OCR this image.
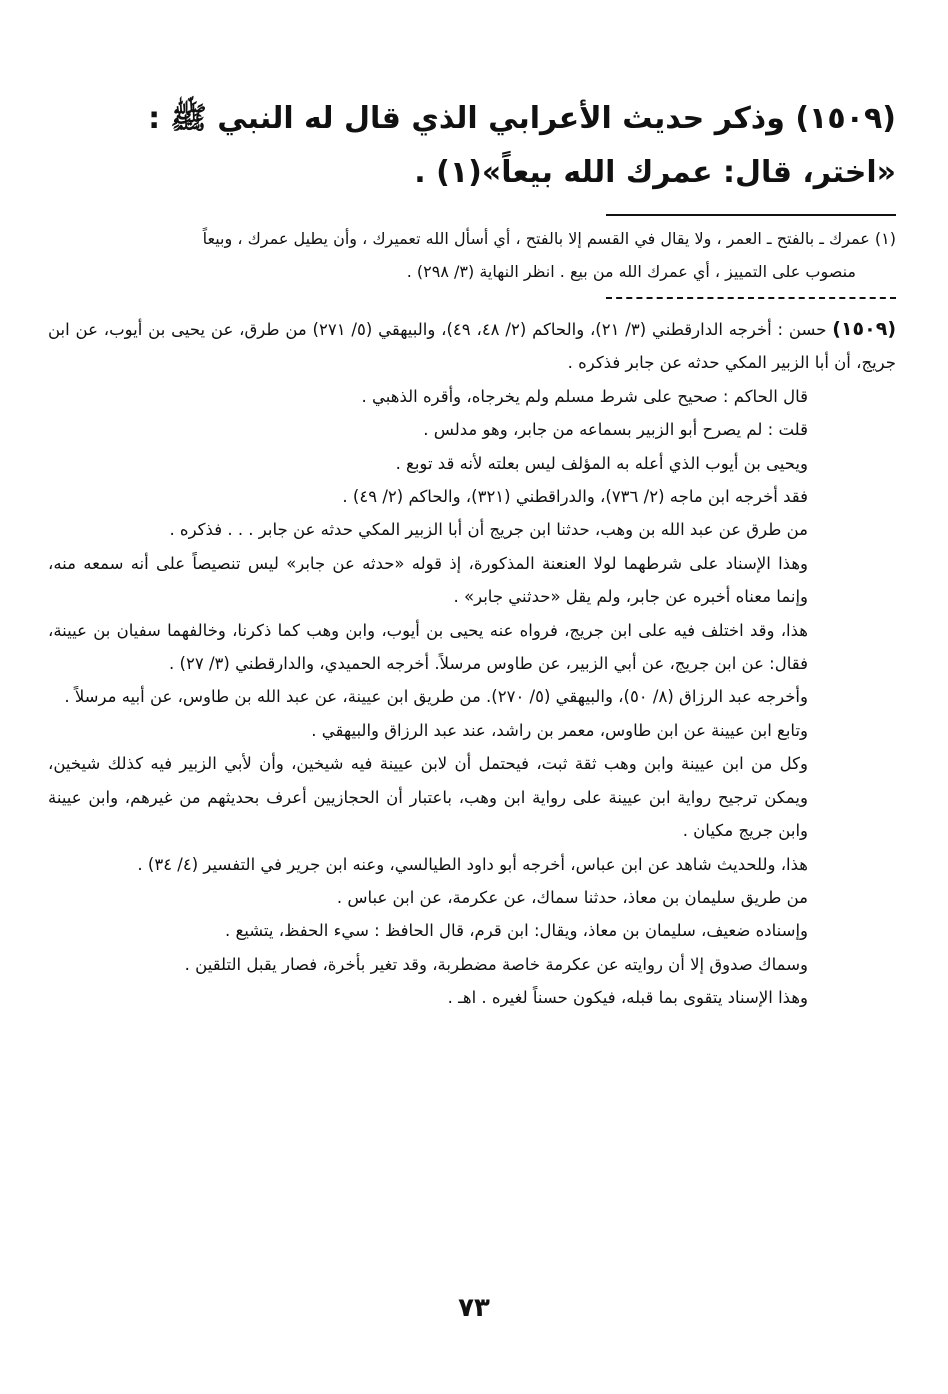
(١٥٠٩) وذكر حديث الأعرابي الذي قال له النبي ﷺ : «اختر، قال: عمرك الله بيعاً»(١) .
(١) عمرك ـ بالفتح ـ العمر ، ولا يقال في القسم إلا بالفتح ، أي أسأل الله تعميرك ، وأن يطيل عمرك ، وبيعاً
منصوب على التمييز ، أي عمرك الله من بيع . انظر النهاية (٣/ ٢٩٨) .

(١٥٠٩) حسن : أخرجه الدارقطني (٣/ ٢١)، والحاكم (٢/ ٤٨، ٤٩)، والبيهقي (٥/ ٢٧١) من طرق، عن يحيى بن أيوب، عن ابن جريج، أن أبا الزبير المكي حدثه عن جابر فذكره .

قال الحاكم : صحيح على شرط مسلم ولم يخرجاه، وأقره الذهبي .

قلت : لم يصرح أبو الزبير بسماعه من جابر، وهو مدلس .

ويحيى بن أيوب الذي أعله به المؤلف ليس بعلته لأنه قد توبع .

فقد أخرجه ابن ماجه (٢/ ٧٣٦)، والدراقطني (٣٢١)، والحاكم (٢/ ٤٩) .

من طرق عن عبد الله بن وهب، حدثنا ابن جريج أن أبا الزبير المكي حدثه عن جابر . . . فذكره .

وهذا الإسناد على شرطهما لولا العنعنة المذكورة، إذ قوله «حدثه عن جابر» ليس تنصيصاً على أنه سمعه منه، وإنما معناه أخبره عن جابر، ولم يقل «حدثني جابر» .

هذا، وقد اختلف فيه على ابن جريج، فرواه عنه يحيى بن أيوب، وابن وهب كما ذكرنا، وخالفهما سفيان بن عيينة، فقال: عن ابن جريج، عن أبي الزبير، عن طاوس مرسلاً. أخرجه الحميدي، والدارقطني (٣/ ٢٧) .

وأخرجه عبد الرزاق (٨/ ٥٠)، والبيهقي (٥/ ٢٧٠). من طريق ابن عيينة، عن عبد الله بن طاوس، عن أبيه مرسلاً .

وتابع ابن عيينة عن ابن طاوس، معمر بن راشد، عند عبد الرزاق والبيهقي .

وكل من ابن عيينة وابن وهب ثقة ثبت، فيحتمل أن لابن عيينة فيه شيخين، وأن لأبي الزبير فيه كذلك شيخين، ويمكن ترجيح رواية ابن عيينة على رواية ابن وهب، باعتبار أن الحجازيين أعرف بحديثهم من غيرهم، وابن عيينة وابن جريج مكيان .

هذا، وللحديث شاهد عن ابن عباس، أخرجه أبو داود الطيالسي، وعنه ابن جرير في التفسير (٤/ ٣٤) .

من طريق سليمان بن معاذ، حدثنا سماك، عن عكرمة، عن ابن عباس .

وإسناده ضعيف، سليمان بن معاذ، ويقال: ابن قرم، قال الحافظ : سيء الحفظ، يتشيع .

وسماك صدوق إلا أن روايته عن عكرمة خاصة مضطربة، وقد تغير بأخرة، فصار يقبل التلقين .

وهذا الإسناد يتقوى بما قبله، فيكون حسناً لغيره . اهـ .

٧٣
